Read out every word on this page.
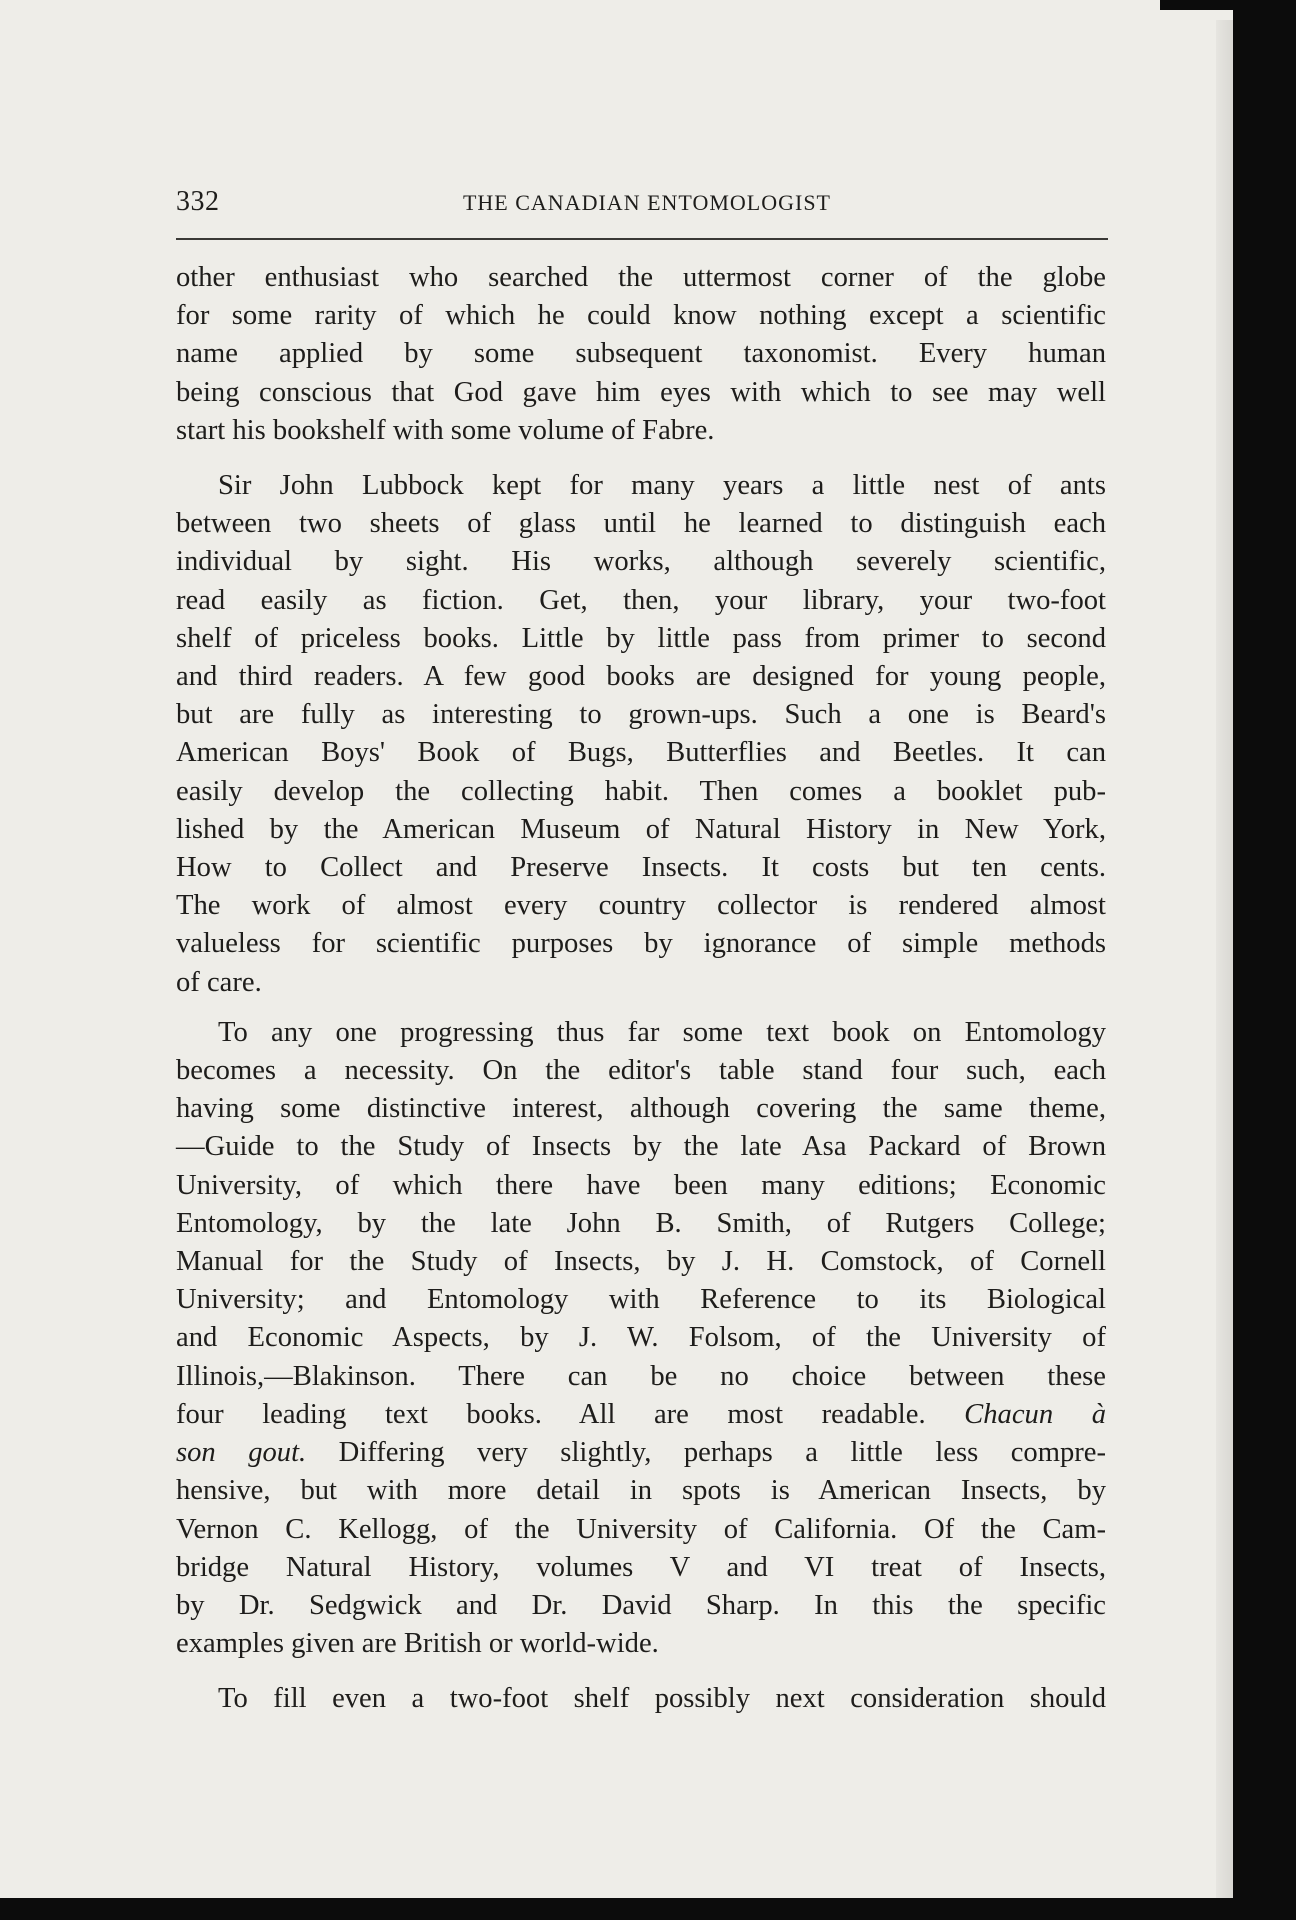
332	THE CANADIAN ENTOMOLOGIST

other enthusiast who searched the uttermost corner of the globe
for some rarity of which he could know nothing except a scientific
name applied by some subsequent taxonomist. Every human
being conscious that God gave him eyes with which to see may well
start his bookshelf with some volume of Fabre.

Sir John Lubbock kept for many years a little nest of ants
between two sheets of glass until he learned to distinguish each
individual by sight. His works, although severely scientific,
read easily as fiction. Get, then, your library, your two-foot
shelf of priceless books. Little by little pass from primer to second
and third readers. A few good books are designed for young people,
but are fully as interesting to grown-ups. Such a one is Beard's
American Boys' Book of Bugs, Butterflies and Beetles. It can
easily develop the collecting habit. Then comes a booklet pub-
lished by the American Museum of Natural History in New York,
How to Collect and Preserve Insects. It costs but ten cents.
The work of almost every country collector is rendered almost
valueless for scientific purposes by ignorance of simple methods
of care.

To any one progressing thus far some text book on Entomology
becomes a necessity. On the editor's table stand four such, each
having some distinctive interest, although covering the same theme,
—Guide to the Study of Insects by the late Asa Packard of Brown
University, of which there have been many editions; Economic
Entomology, by the late John B. Smith, of Rutgers College;
Manual for the Study of Insects, by J. H. Comstock, of Cornell
University; and Entomology with Reference to its Biological
and Economic Aspects, by J. W. Folsom, of the University of
Illinois,—Blakinson. There can be no choice between these
four leading text books. All are most readable. Chacun à
son gout. Differing very slightly, perhaps a little less compre-
hensive, but with more detail in spots is American Insects, by
Vernon C. Kellogg, of the University of California. Of the Cam-
bridge Natural History, volumes V and VI treat of Insects,
by Dr. Sedgwick and Dr. David Sharp. In this the specific
examples given are British or world-wide.

To fill even a two-foot shelf possibly next consideration should
